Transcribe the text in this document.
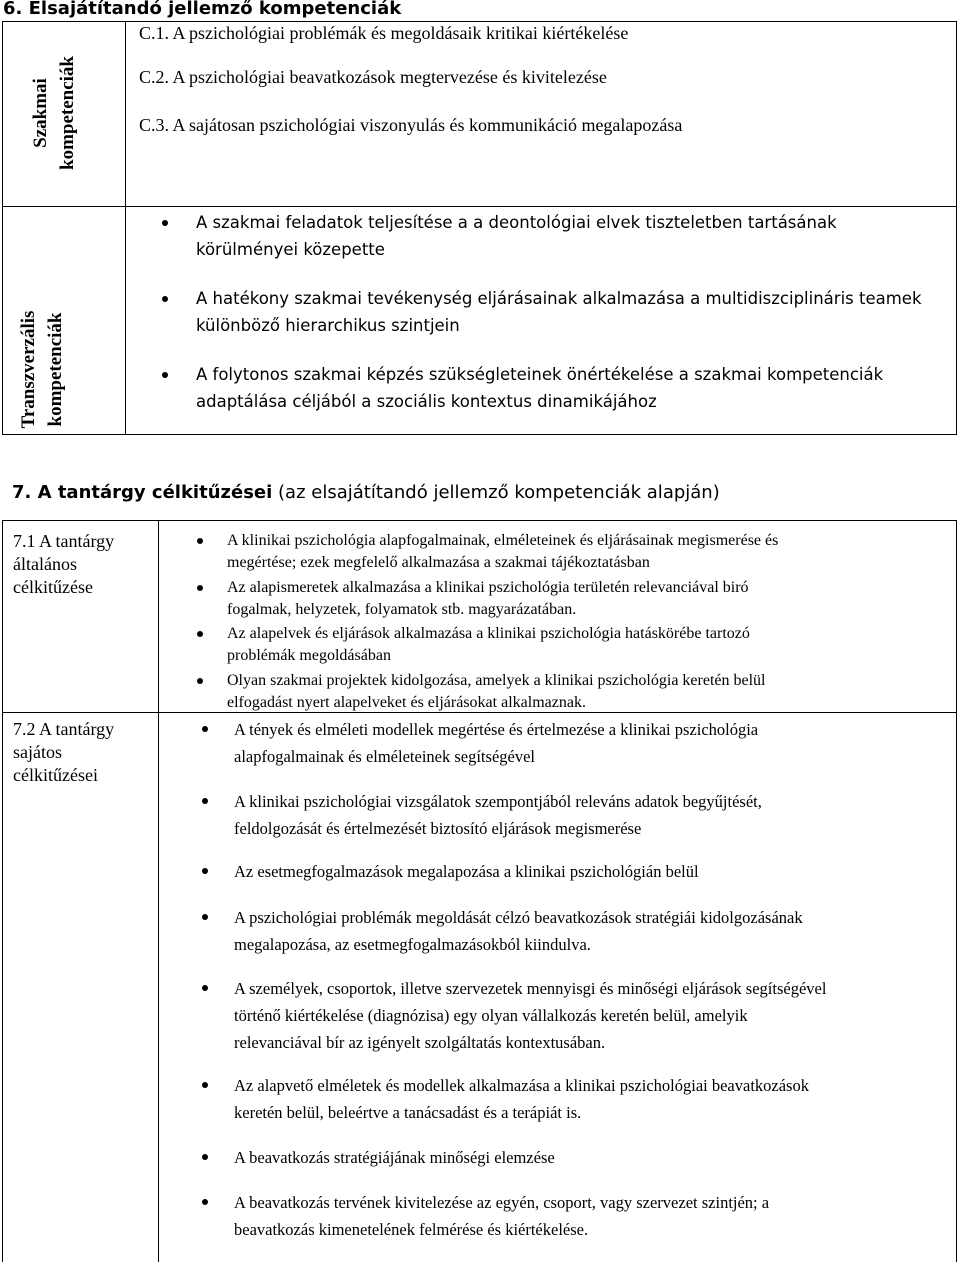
6. Elsajátítandó jellemző kompetenciák
Szakmai kompetenciák
C.1. A pszichológiai problémák és megoldásaik kritikai kiértékelése
C.2. A pszichológiai beavatkozások megtervezése és kivitelezése
C.3. A sajátosan pszichológiai viszonyulás és kommunikáció megalapozása
Transzverzális kompetenciák
A szakmai feladatok teljesítése a a deontológiai elvek tiszteletben tartásának
körülményei közepette
A hatékony szakmai tevékenység eljárásainak alkalmazása a multidiszciplináris teamek
különböző hierarchikus szintjein
A folytonos szakmai képzés szükségleteinek önértékelése a szakmai kompetenciák
adaptálása céljából a szociális kontextus dinamikájához
7. A tantárgy célkitűzései (az elsajátítandó jellemző kompetenciák alapján)
7.1 A tantárgy
általános
célkitűzése
A klinikai pszichológia alapfogalmainak, elméleteinek és eljárásainak megismerése és
megértése; ezek megfelelő alkalmazása a szakmai tájékoztatásban
Az alapismeretek alkalmazása a klinikai pszichológia területén relevanciával biró
fogalmak, helyzetek, folyamatok stb. magyarázatában.
Az alapelvek és eljárások alkalmazása a klinikai pszichológia hatáskörébe tartozó
problémák megoldásában
Olyan szakmai projektek kidolgozása, amelyek a klinikai pszichológia keretén belül
elfogadást nyert alapelveket és eljárásokat alkalmaznak.
7.2 A tantárgy
sajátos
célkitűzései
A tények és elméleti modellek megértése és értelmezése a klinikai pszichológia
alapfogalmainak és elméleteinek segítségével
A klinikai pszichológiai vizsgálatok szempontjából releváns adatok begyűjtését,
feldolgozását és értelmezését biztosító eljárások megismerése
Az esetmegfogalmazások megalapozása a klinikai pszichológián belül
A pszichológiai problémák megoldását célzó beavatkozások stratégiái kidolgozásának
megalapozása, az esetmegfogalmazásokból kiindulva.
A személyek, csoportok, illetve szervezetek mennyisgi és minőségi eljárások segítségével
történő kiértékelése (diagnózisa) egy olyan vállalkozás keretén belül, amelyik
relevanciával bír az igényelt szolgáltatás kontextusában.
Az alapvető elméletek és modellek alkalmazása a klinikai pszichológiai beavatkozások
keretén belül, beleértve a tanácsadást és a terápiát is.
A beavatkozás stratégiájának minőségi elemzése
A beavatkozás tervének kivitelezése az egyén, csoport, vagy szervezet szintjén; a
beavatkozás kimenetelének felmérése és kiértékelése.
